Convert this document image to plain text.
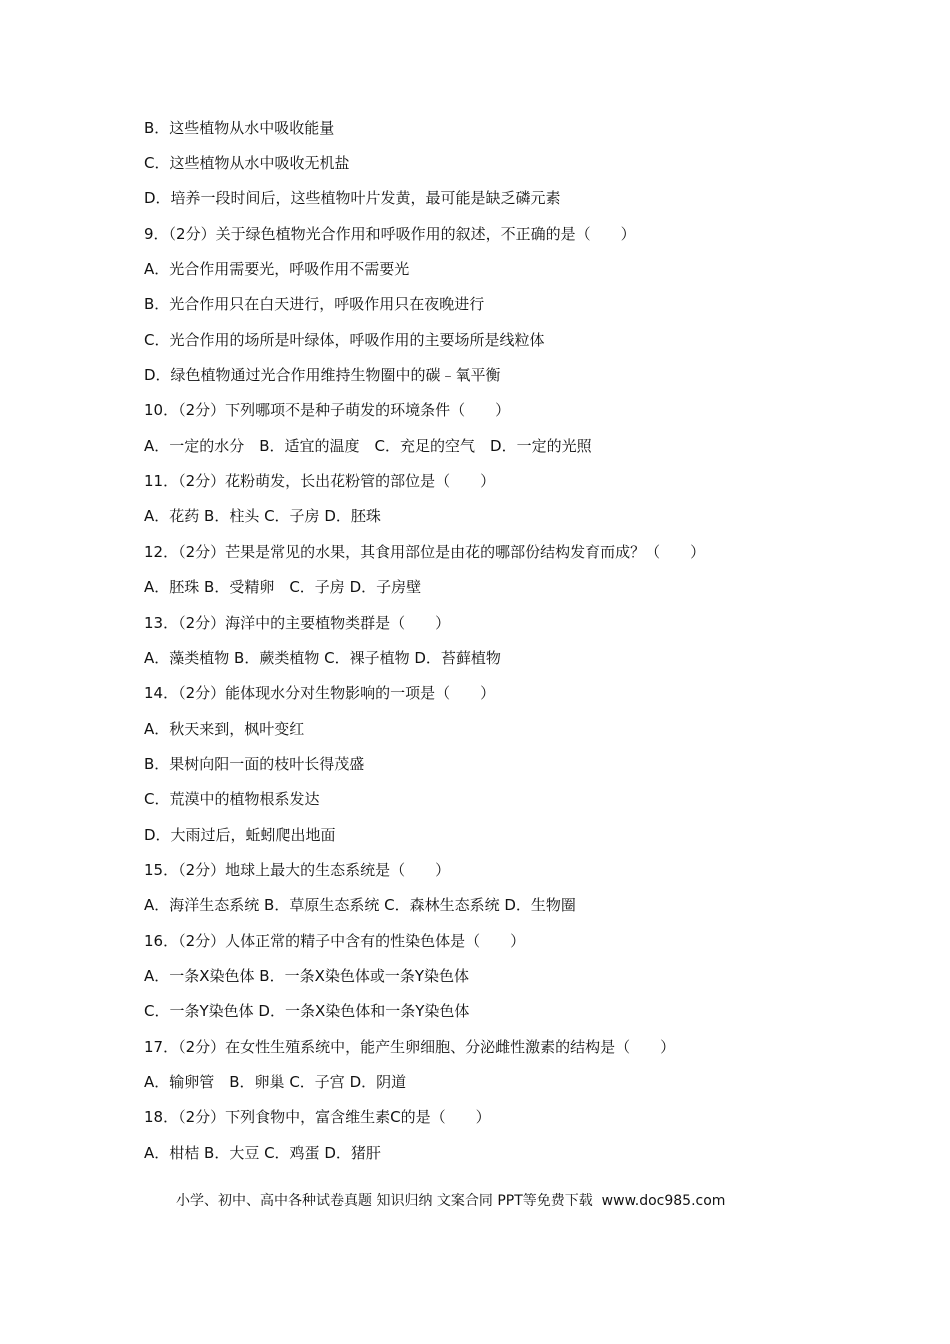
B．这些植物从水中吸收能量
C．这些植物从水中吸收无机盐
D．培养一段时间后，这些植物叶片发黄，最可能是缺乏磷元素
9．（2分）关于绿色植物光合作用和呼吸作用的叙述，不正确的是（　　）
A．光合作用需要光，呼吸作用不需要光
B．光合作用只在白天进行，呼吸作用只在夜晚进行
C．光合作用的场所是叶绿体，呼吸作用的主要场所是线粒体
D．绿色植物通过光合作用维持生物圈中的碳﹣氧平衡
10．（2分）下列哪项不是种子萌发的环境条件（　　）
A．一定的水分　B．适宜的温度　C．充足的空气　D．一定的光照
11．（2分）花粉萌发，长出花粉管的部位是（　　）
A．花药 B．柱头 C．子房 D．胚珠
12．（2分）芒果是常见的水果，其食用部位是由花的哪部份结构发育而成？（　　）
A．胚珠 B．受精卵　C．子房 D．子房壁
13．（2分）海洋中的主要植物类群是（　　）
A．藻类植物 B．蕨类植物 C．裸子植物 D．苔藓植物
14．（2分）能体现水分对生物影响的一项是（　　）
A．秋天来到，枫叶变红
B．果树向阳一面的枝叶长得茂盛
C．荒漠中的植物根系发达
D．大雨过后，蚯蚓爬出地面
15．（2分）地球上最大的生态系统是（　　）
A．海洋生态系统 B．草原生态系统 C．森林生态系统 D．生物圈
16．（2分）人体正常的精子中含有的性染色体是（　　）
A．一条X染色体 B．一条X染色体或一条Y染色体
C．一条Y染色体 D．一条X染色体和一条Y染色体
17．（2分）在女性生殖系统中，能产生卵细胞、分泌雌性激素的结构是（　　）
A．输卵管　B．卵巢 C．子宫 D．阴道
18．（2分）下列食物中，富含维生素C的是（　　）
A．柑桔 B．大豆 C．鸡蛋 D．猪肝
小学、初中、高中各种试卷真题 知识归纳 文案合同 PPT等免费下载  www.doc985.com
